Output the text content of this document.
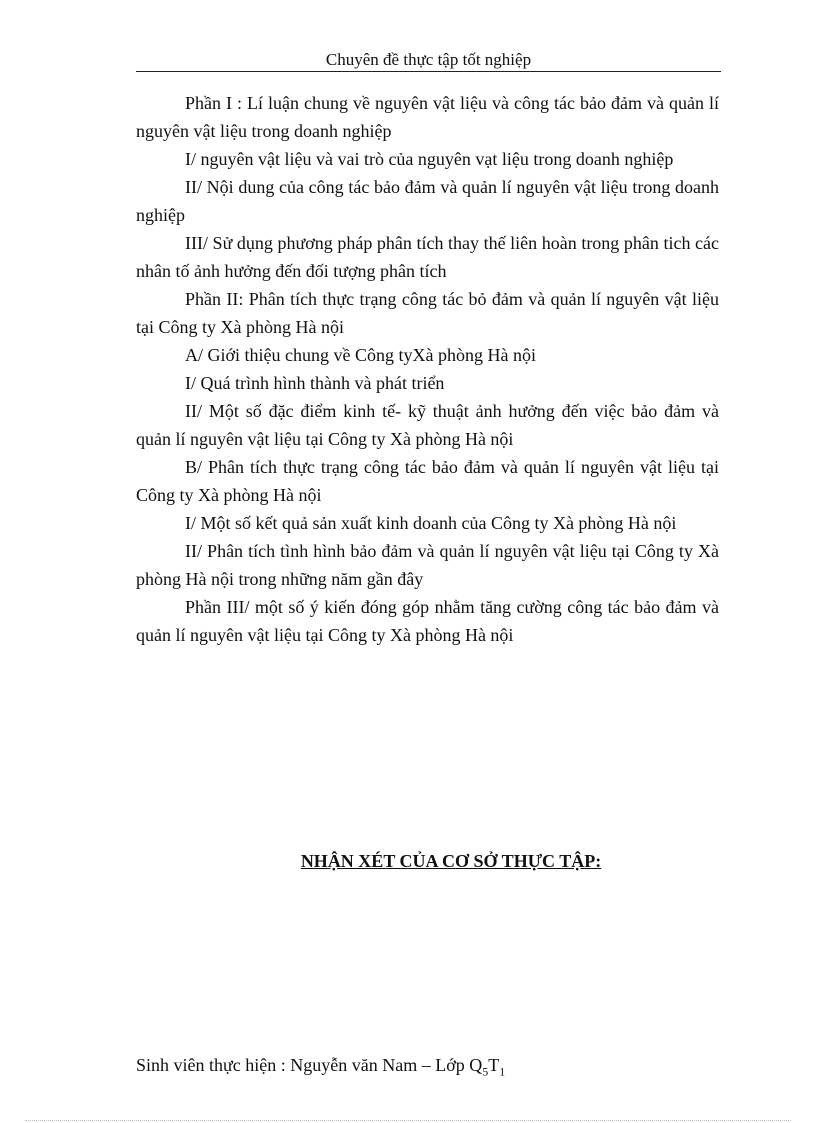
Chuyên đề thực tập tốt nghiệp

Phần I : Lí luận chung về nguyên vật liệu và công tác bảo đảm và quản lí nguyên vật liệu trong doanh nghiệp

I/ nguyên vật liệu và vai trò của nguyên vạt liệu trong doanh nghiệp

II/ Nội dung của công tác bảo đảm và quản lí nguyên vật liệu trong doanh nghiệp

III/ Sử dụng phương pháp phân tích thay thế liên hoàn trong phân tich các nhân tố ảnh hưởng đến đối tượng phân tích

Phần II: Phân tích thực trạng công tác bỏ đảm và quản lí nguyên vật liệu tại Công ty Xà phòng Hà nội

A/ Giới thiệu chung về Công tyXà phòng Hà nội

I/ Quá trình hình thành và phát triển

II/ Một số đặc điểm kinh tế- kỹ thuật ảnh hưởng đến việc bảo đảm và quản lí nguyên vật liệu tại Công ty Xà phòng Hà nội

B/ Phân tích thực trạng công tác bảo đảm và quản lí nguyên vật liệu tại Công ty Xà phòng Hà nội

I/ Một số kết quả sản xuất kinh doanh của Công ty Xà phòng Hà nội

II/ Phân tích tình hình bảo đảm và quản lí nguyên vật liệu tại Công ty Xà phòng Hà nội trong những năm gần đây

Phần III/ một số ý kiến đóng góp nhằm tăng cường công tác bảo đảm và quản lí nguyên vật liệu tại Công ty Xà phòng Hà nội

NHẬN XÉT CỦA CƠ SỞ THỰC TẬP:
Sinh viên thực hiện : Nguyễn văn Nam – Lớp $Q_5T_1$
